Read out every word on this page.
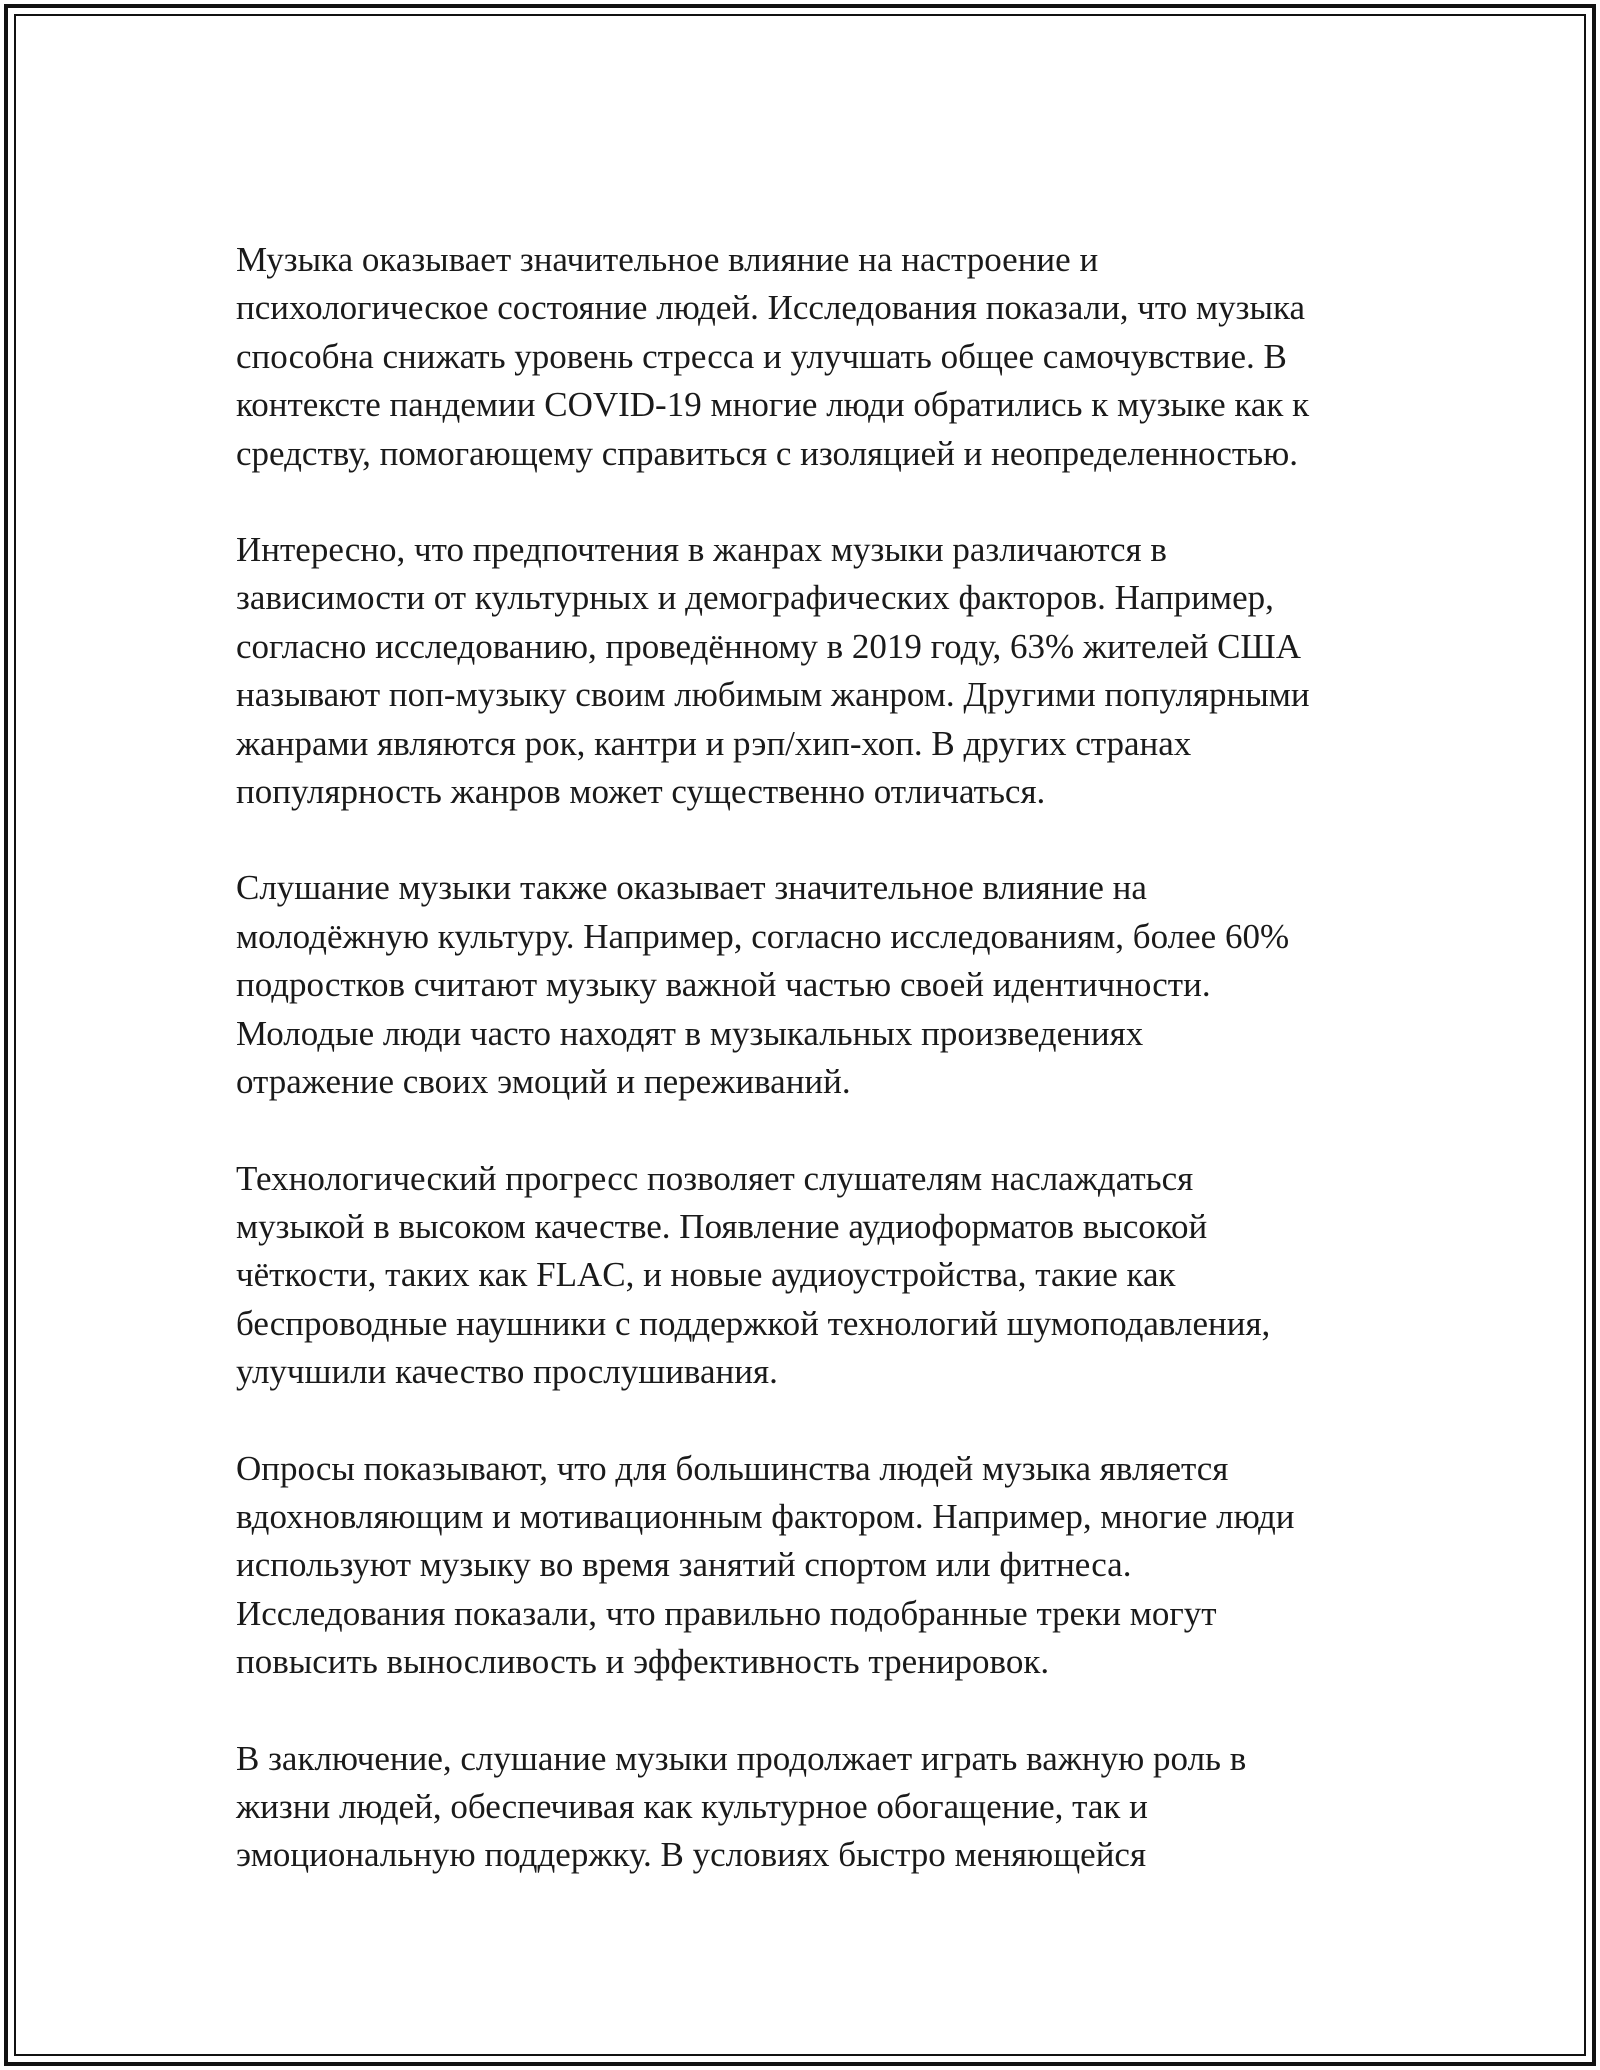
Музыка оказывает значительное влияние на настроение и
психологическое состояние людей. Исследования показали, что музыка
способна снижать уровень стресса и улучшать общее самочувствие. В
контексте пандемии COVID-19 многие люди обратились к музыке как к
средству, помогающему справиться с изоляцией и неопределенностью.

Интересно, что предпочтения в жанрах музыки различаются в
зависимости от культурных и демографических факторов. Например,
согласно исследованию, проведённому в 2019 году, 63% жителей США
называют поп-музыку своим любимым жанром. Другими популярными
жанрами являются рок, кантри и рэп/хип-хоп. В других странах
популярность жанров может существенно отличаться.

Слушание музыки также оказывает значительное влияние на
молодёжную культуру. Например, согласно исследованиям, более 60%
подростков считают музыку важной частью своей идентичности.
Молодые люди часто находят в музыкальных произведениях
отражение своих эмоций и переживаний.

Технологический прогресс позволяет слушателям наслаждаться
музыкой в высоком качестве. Появление аудиоформатов высокой
чёткости, таких как FLAC, и новые аудиоустройства, такие как
беспроводные наушники с поддержкой технологий шумоподавления,
улучшили качество прослушивания.

Опросы показывают, что для большинства людей музыка является
вдохновляющим и мотивационным фактором. Например, многие люди
используют музыку во время занятий спортом или фитнеса.
Исследования показали, что правильно подобранные треки могут
повысить выносливость и эффективность тренировок.

В заключение, слушание музыки продолжает играть важную роль в
жизни людей, обеспечивая как культурное обогащение, так и
эмоциональную поддержку. В условиях быстро меняющейся
